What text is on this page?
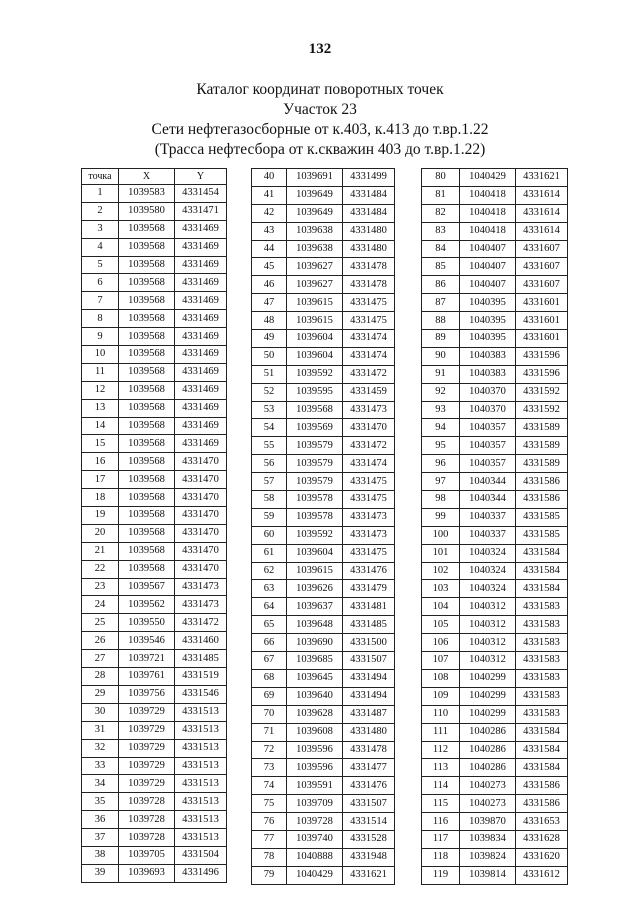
132
Каталог координат поворотных точек
Участок 23
Сети нефтегазосборные от к.403, к.413 до т.вр.1.22
(Трасса нефтесбора от к.скважин 403 до т.вр.1.22)
точка	X	Y
1	1039583	4331454
2	1039580	4331471
3	1039568	4331469
4	1039568	4331469
5	1039568	4331469
6	1039568	4331469
7	1039568	4331469
8	1039568	4331469
9	1039568	4331469
10	1039568	4331469
11	1039568	4331469
12	1039568	4331469
13	1039568	4331469
14	1039568	4331469
15	1039568	4331469
16	1039568	4331470
17	1039568	4331470
18	1039568	4331470
19	1039568	4331470
20	1039568	4331470
21	1039568	4331470
22	1039568	4331470
23	1039567	4331473
24	1039562	4331473
25	1039550	4331472
26	1039546	4331460
27	1039721	4331485
28	1039761	4331519
29	1039756	4331546
30	1039729	4331513
31	1039729	4331513
32	1039729	4331513
33	1039729	4331513
34	1039729	4331513
35	1039728	4331513
36	1039728	4331513
37	1039728	4331513
38	1039705	4331504
39	1039693	4331496
40	1039691	4331499
41	1039649	4331484
42	1039649	4331484
43	1039638	4331480
44	1039638	4331480
45	1039627	4331478
46	1039627	4331478
47	1039615	4331475
48	1039615	4331475
49	1039604	4331474
50	1039604	4331474
51	1039592	4331472
52	1039595	4331459
53	1039568	4331473
54	1039569	4331470
55	1039579	4331472
56	1039579	4331474
57	1039579	4331475
58	1039578	4331475
59	1039578	4331473
60	1039592	4331473
61	1039604	4331475
62	1039615	4331476
63	1039626	4331479
64	1039637	4331481
65	1039648	4331485
66	1039690	4331500
67	1039685	4331507
68	1039645	4331494
69	1039640	4331494
70	1039628	4331487
71	1039608	4331480
72	1039596	4331478
73	1039596	4331477
74	1039591	4331476
75	1039709	4331507
76	1039728	4331514
77	1039740	4331528
78	1040888	4331948
79	1040429	4331621
80	1040429	4331621
81	1040418	4331614
82	1040418	4331614
83	1040418	4331614
84	1040407	4331607
85	1040407	4331607
86	1040407	4331607
87	1040395	4331601
88	1040395	4331601
89	1040395	4331601
90	1040383	4331596
91	1040383	4331596
92	1040370	4331592
93	1040370	4331592
94	1040357	4331589
95	1040357	4331589
96	1040357	4331589
97	1040344	4331586
98	1040344	4331586
99	1040337	4331585
100	1040337	4331585
101	1040324	4331584
102	1040324	4331584
103	1040324	4331584
104	1040312	4331583
105	1040312	4331583
106	1040312	4331583
107	1040312	4331583
108	1040299	4331583
109	1040299	4331583
110	1040299	4331583
111	1040286	4331584
112	1040286	4331584
113	1040286	4331584
114	1040273	4331586
115	1040273	4331586
116	1039870	4331653
117	1039834	4331628
118	1039824	4331620
119	1039814	4331612
